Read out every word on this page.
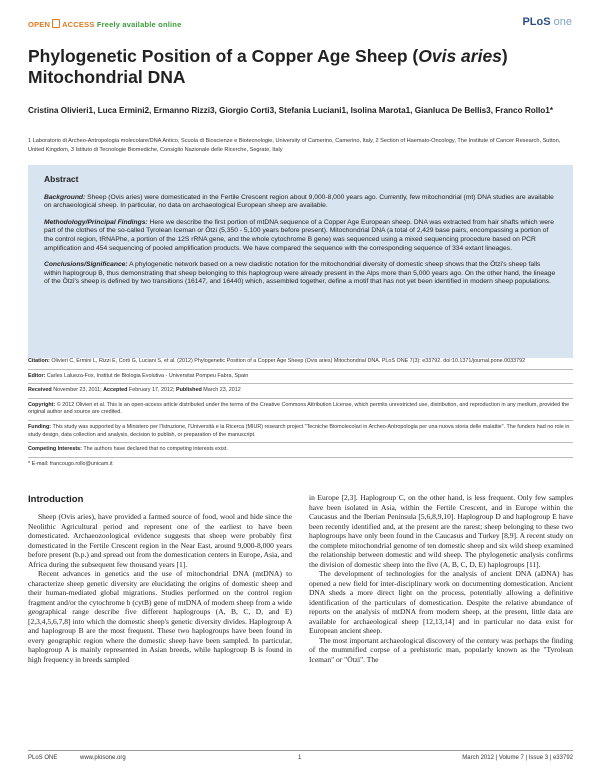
OPEN ACCESS Freely available online	PLoS one
Phylogenetic Position of a Copper Age Sheep (Ovis aries) Mitochondrial DNA
Cristina Olivieri1, Luca Ermini2, Ermanno Rizzi3, Giorgio Corti3, Stefania Luciani1, Isolina Marota1, Gianluca De Bellis3, Franco Rollo1*
1 Laboratorio di Archeo-Antropologia molecolare/DNA Antico, Scuola di Bioscienze e Biotecnologie, University of Camerino, Camerino, Italy, 2 Section of Haemato-Oncology, The Institute of Cancer Research, Sutton, United Kingdom, 3 Istituto di Tecnologie Biomediche, Consiglio Nazionale delle Ricerche, Segrate, Italy
Abstract

Background: Sheep (Ovis aries) were domesticated in the Fertile Crescent region about 9,000-8,000 years ago. Currently, few mitochondrial (mt) DNA studies are available on archaeological sheep. In particular, no data on archaeological European sheep are available.

Methodology/Principal Findings: Here we describe the first portion of mtDNA sequence of a Copper Age European sheep. DNA was extracted from hair shafts which were part of the clothes of the so-called Tyrolean Iceman or Ötzi (5,350 - 5,100 years before present). Mitochondrial DNA (a total of 2,429 base pairs, encompassing a portion of the control region, tRNAPhe, a portion of the 12S rRNA gene, and the whole cytochrome B gene) was sequenced using a mixed sequencing procedure based on PCR amplification and 454 sequencing of pooled amplification products. We have compared the sequence with the corresponding sequence of 334 extant lineages.

Conclusions/Significance: A phylogenetic network based on a new cladistic notation for the mitochondrial diversity of domestic sheep shows that the Ötzi's sheep falls within haplogroup B, thus demonstrating that sheep belonging to this haplogroup were already present in the Alps more than 5,000 years ago. On the other hand, the lineage of the Ötzi's sheep is defined by two transitions (16147, and 16440) which, assembled together, define a motif that has not yet been identified in modern sheep populations.

Citation: Olivieri C, Ermini L, Rizzi E, Corti G, Luciani S, et al. (2012) Phylogenetic Position of a Copper Age Sheep (Ovis aries) Mitochondrial DNA. PLoS ONE 7(3): e33792. doi:10.1371/journal.pone.0033792

Editor: Carles Lalueza-Fox, Institut de Biologia Evolutiva - Universitat Pompeu Fabra, Spain

Received November 23, 2011; Accepted February 17, 2012; Published March 23, 2012

Copyright: © 2012 Olivieri et al. This is an open-access article distributed under the terms of the Creative Commons Attribution License, which permits unrestricted use, distribution, and reproduction in any medium, provided the original author and source are credited.

Funding: This study was supported by a Ministero per l'Istruzione, l'Università e la Ricerca (MIUR) research project "Tecniche Biomolecolari in Archeo-Antropologia per una nuova storia delle malattie". The funders had no role in study design, data collection and analysis, decision to publish, or preparation of the manuscript.

Competing Interests: The authors have declared that no competing interests exist.

* E-mail: francougo.rollo@unicam.it

Introduction

Sheep (Ovis aries), have provided a farmed source of food, wool and hide since the Neolithic Agricultural period and represent one of the earliest to have been domesticated. Archaeozoological evidence suggests that sheep were probably first domesticated in the Fertile Crescent region in the Near East, around 9,000-8,000 years before present (b.p.) and spread out from the domestication centers in Europe, Asia, and Africa during the subsequent few thousand years [1].

Recent advances in genetics and the use of mitochondrial DNA (mtDNA) to characterize sheep genetic diversity are elucidating the origins of domestic sheep and their human-mediated global migrations. Studies performed on the control region fragment and/or the cytochrome b (cytB) gene of mtDNA of modern sheep from a wide geographical range describe five different haplogroups (A, B, C, D, and E) [2,3,4,5,6,7,8] into which the domestic sheep's genetic diversity divides. Haplogroup A and haplogroup B are the most frequent. These two haplogroups have been found in every geographic region where the domestic sheep have been sampled. In particular, haplogroup A is mainly represented in Asian breeds, while haplogroup B is found in high frequency in breeds sampled

in Europe [2,3]. Haplogroup C, on the other hand, is less frequent. Only few samples have been isolated in Asia, within the Fertile Crescent, and in Europe within the Caucasus and the Iberian Peninsula [5,6,8,9,10]. Haplogroup D and haplogroup E have been recently identified and, at the present are the rarest; sheep belonging to these two haplogroups have only been found in the Caucasus and Turkey [8,9]. A recent study on the complete mitochondrial genome of ten domestic sheep and six wild sheep examined the relationship between domestic and wild sheep. The phylogenetic analysis confirms the division of domestic sheep into the five (A, B, C, D, E) haplogroups [11].

The development of technologies for the analysis of ancient DNA (aDNA) has opened a new field for inter-disciplinary work on documenting domestication. Ancient DNA sheds a more direct light on the process, potentially allowing a definitive identification of the particulars of domestication. Despite the relative abundance of reports on the analysis of mtDNA from modern sheep, at the present, little data are available for archaeological sheep [12,13,14] and in particular no data exist for European ancient sheep.

The most important archaeological discovery of the century was perhaps the finding of the mummified corpse of a prehistoric man, popularly known as the "Tyrolean Iceman" or "Ötzi". The

PLoS ONE	www.plosone.org	1	March 2012 | Volume 7 | Issue 3 | e33792
